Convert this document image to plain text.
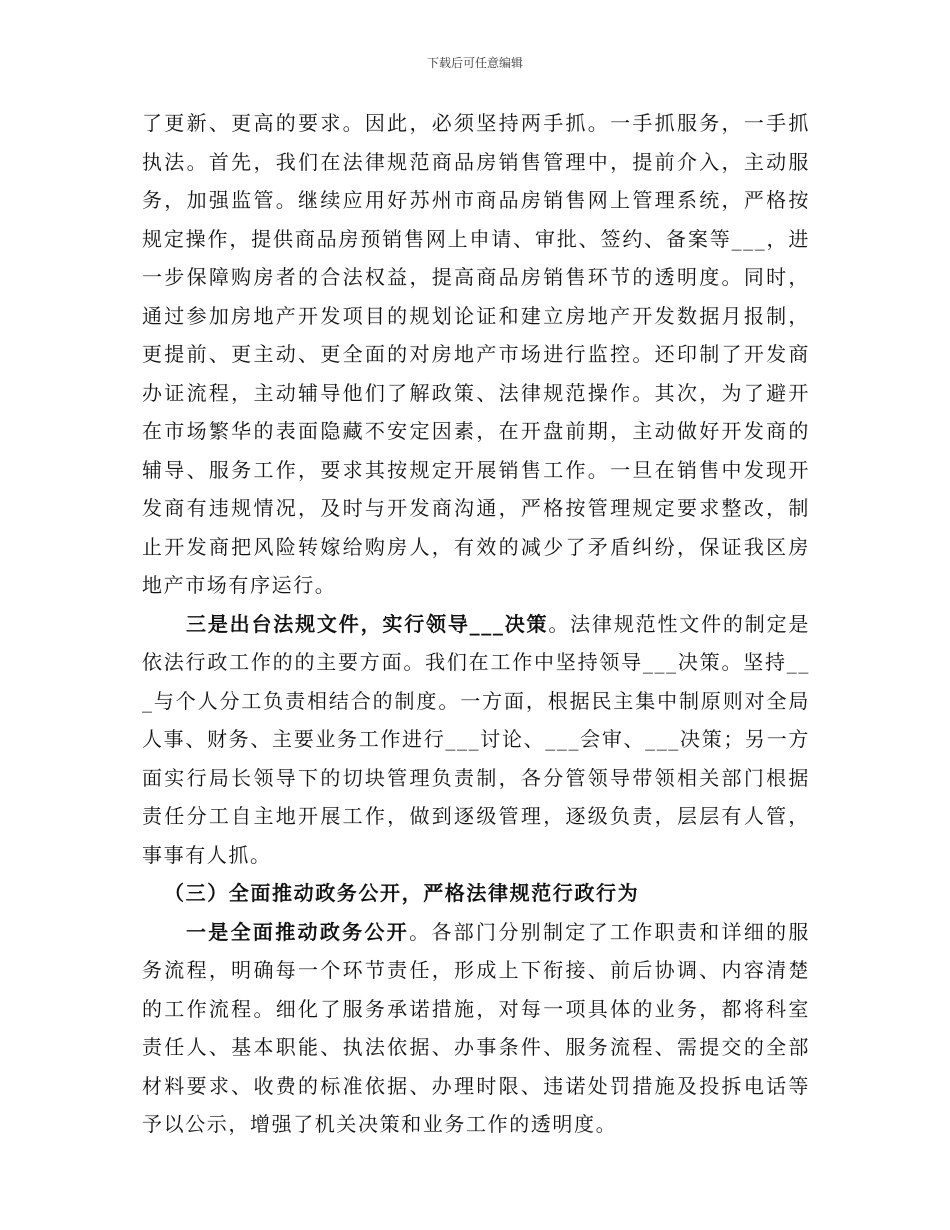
下载后可任意编辑

了更新、更高的要求。因此，必须坚持两手抓。一手抓服务，一手抓执法。首先，我们在法律规范商品房销售管理中，提前介入，主动服务，加强监管。继续应用好苏州市商品房销售网上管理系统，严格按规定操作，提供商品房预销售网上申请、审批、签约、备案等___，进一步保障购房者的合法权益，提高商品房销售环节的透明度。同时，通过参加房地产开发项目的规划论证和建立房地产开发数据月报制，更提前、更主动、更全面的对房地产市场进行监控。还印制了开发商办证流程，主动辅导他们了解政策、法律规范操作。其次，为了避开在市场繁华的表面隐藏不安定因素，在开盘前期，主动做好开发商的辅导、服务工作，要求其按规定开展销售工作。一旦在销售中发现开发商有违规情况，及时与开发商沟通，严格按管理规定要求整改，制止开发商把风险转嫁给购房人，有效的减少了矛盾纠纷，保证我区房地产市场有序运行。

三是出台法规文件，实行领导___决策。法律规范性文件的制定是依法行政工作的的主要方面。我们在工作中坚持领导___决策。坚持___与个人分工负责相结合的制度。一方面，根据民主集中制原则对全局人事、财务、主要业务工作进行___讨论、___会审、___决策；另一方面实行局长领导下的切块管理负责制，各分管领导带领相关部门根据责任分工自主地开展工作，做到逐级管理，逐级负责，层层有人管，事事有人抓。

（三）全面推动政务公开，严格法律规范行政行为

一是全面推动政务公开。各部门分别制定了工作职责和详细的服务流程，明确每一个环节责任，形成上下衔接、前后协调、内容清楚的工作流程。细化了服务承诺措施，对每一项具体的业务，都将科室责任人、基本职能、执法依据、办事条件、服务流程、需提交的全部材料要求、收费的标准依据、办理时限、违诺处罚措施及投拆电话等予以公示，增强了机关决策和业务工作的透明度。
